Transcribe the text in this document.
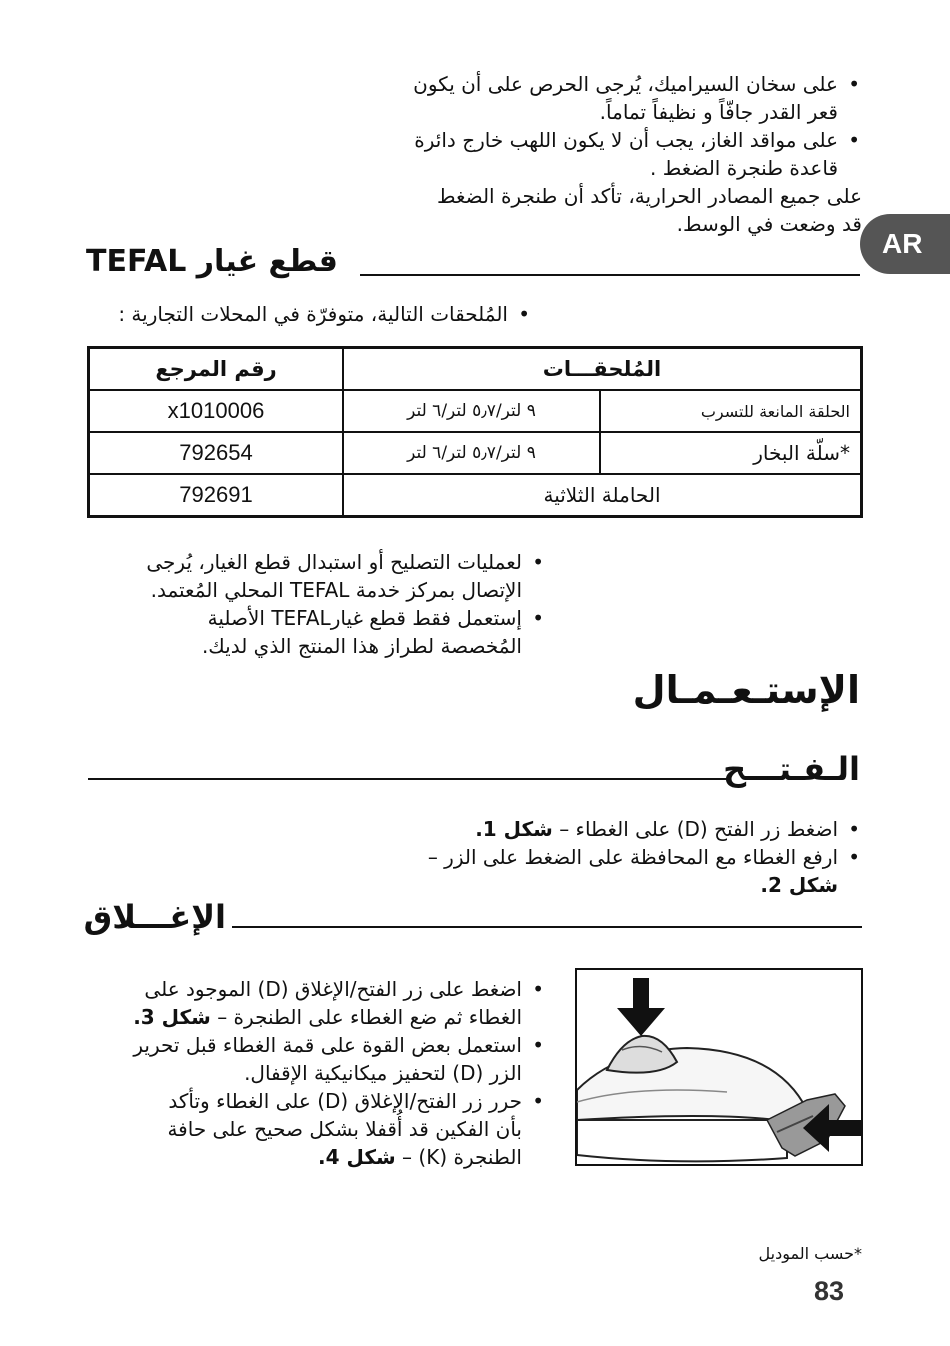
AR
• على سخان السيراميك، يُرجى الحرص على أن يكون
قعر القدر جافّاً و نظيفاً تماماً.
• على مواقد الغاز، يجب أن لا يكون اللهب خارج دائرة
قاعدة طنجرة الضغط .
على جميع المصادر الحرارية، تأكد أن طنجرة الضغط
قد وضعت في الوسط.
قطع غيار TEFAL
• المُلحقات التالية، متوفرّة في المحلات التجارية :
رقم المرجع	المُلحقـــات	
x1010006	٩ لتر/٥٫٧ لتر/٦ لتر	الحلقة المانعة للتسرب
792654	٩ لتر/٥٫٧ لتر/٦ لتر	سلّة البخار*
792691	الحاملة الثلاثية	
• لعمليات التصليح أو استبدال قطع الغيار، يُرجى
الإتصال بمركز خدمة TEFAL المحلي المُعتمد.
• إستعمل فقط قطع غيارTEFAL الأصلية
المُخصصة لطراز هذا المنتج الذي لديك.
الإستـعـمـال
الـفـتـــح
• اضغط زر الفتح (D) على الغطاء – شكل 1.
• ارفع الغطاء مع المحافظة على الضغط على الزر –
شكل 2.
الإغـــلاق
• اضغط على زر الفتح/الإغلاق (D) الموجود على
الغطاء ثم ضع الغطاء على الطنجرة – شكل 3.
• استعمل بعض القوة على قمة الغطاء قبل تحرير
الزر (D) لتحفيز ميكانيكية الإقفال.
• حرر زر الفتح/الإغلاق (D) على الغطاء وتأكد
بأن الفكين قد أُقفلا بشكل صحيح على حافة
الطنجرة (K) – شكل 4.
*حسب الموديل
83
